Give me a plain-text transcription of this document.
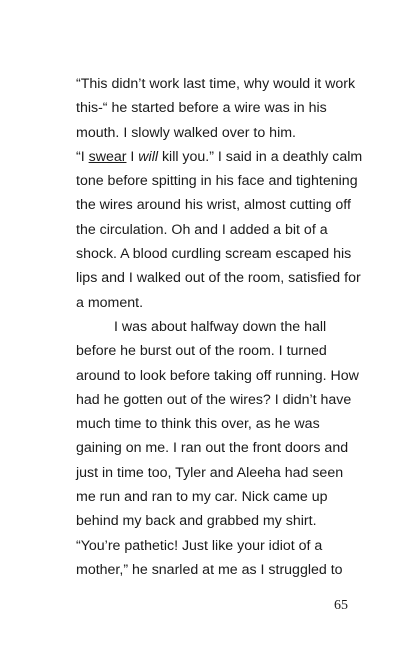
“This didn’t work last time, why would it work
this-“ he started before a wire was in his
mouth. I slowly walked over to him.
“I swear I will kill you.” I said in a deathly calm
tone before spitting in his face and tightening
the wires around his wrist, almost cutting off
the circulation. Oh and I added a bit of a
shock. A blood curdling scream escaped his
lips and I walked out of the room, satisfied for
a moment.
I was about halfway down the hall
before he burst out of the room. I turned
around to look before taking off running. How
had he gotten out of the wires? I didn’t have
much time to think this over, as he was
gaining on me. I ran out the front doors and
just in time too, Tyler and Aleeha had seen
me run and ran to my car. Nick came up
behind my back and grabbed my shirt.
“You’re pathetic! Just like your idiot of a
mother,” he snarled at me as I struggled to
65
